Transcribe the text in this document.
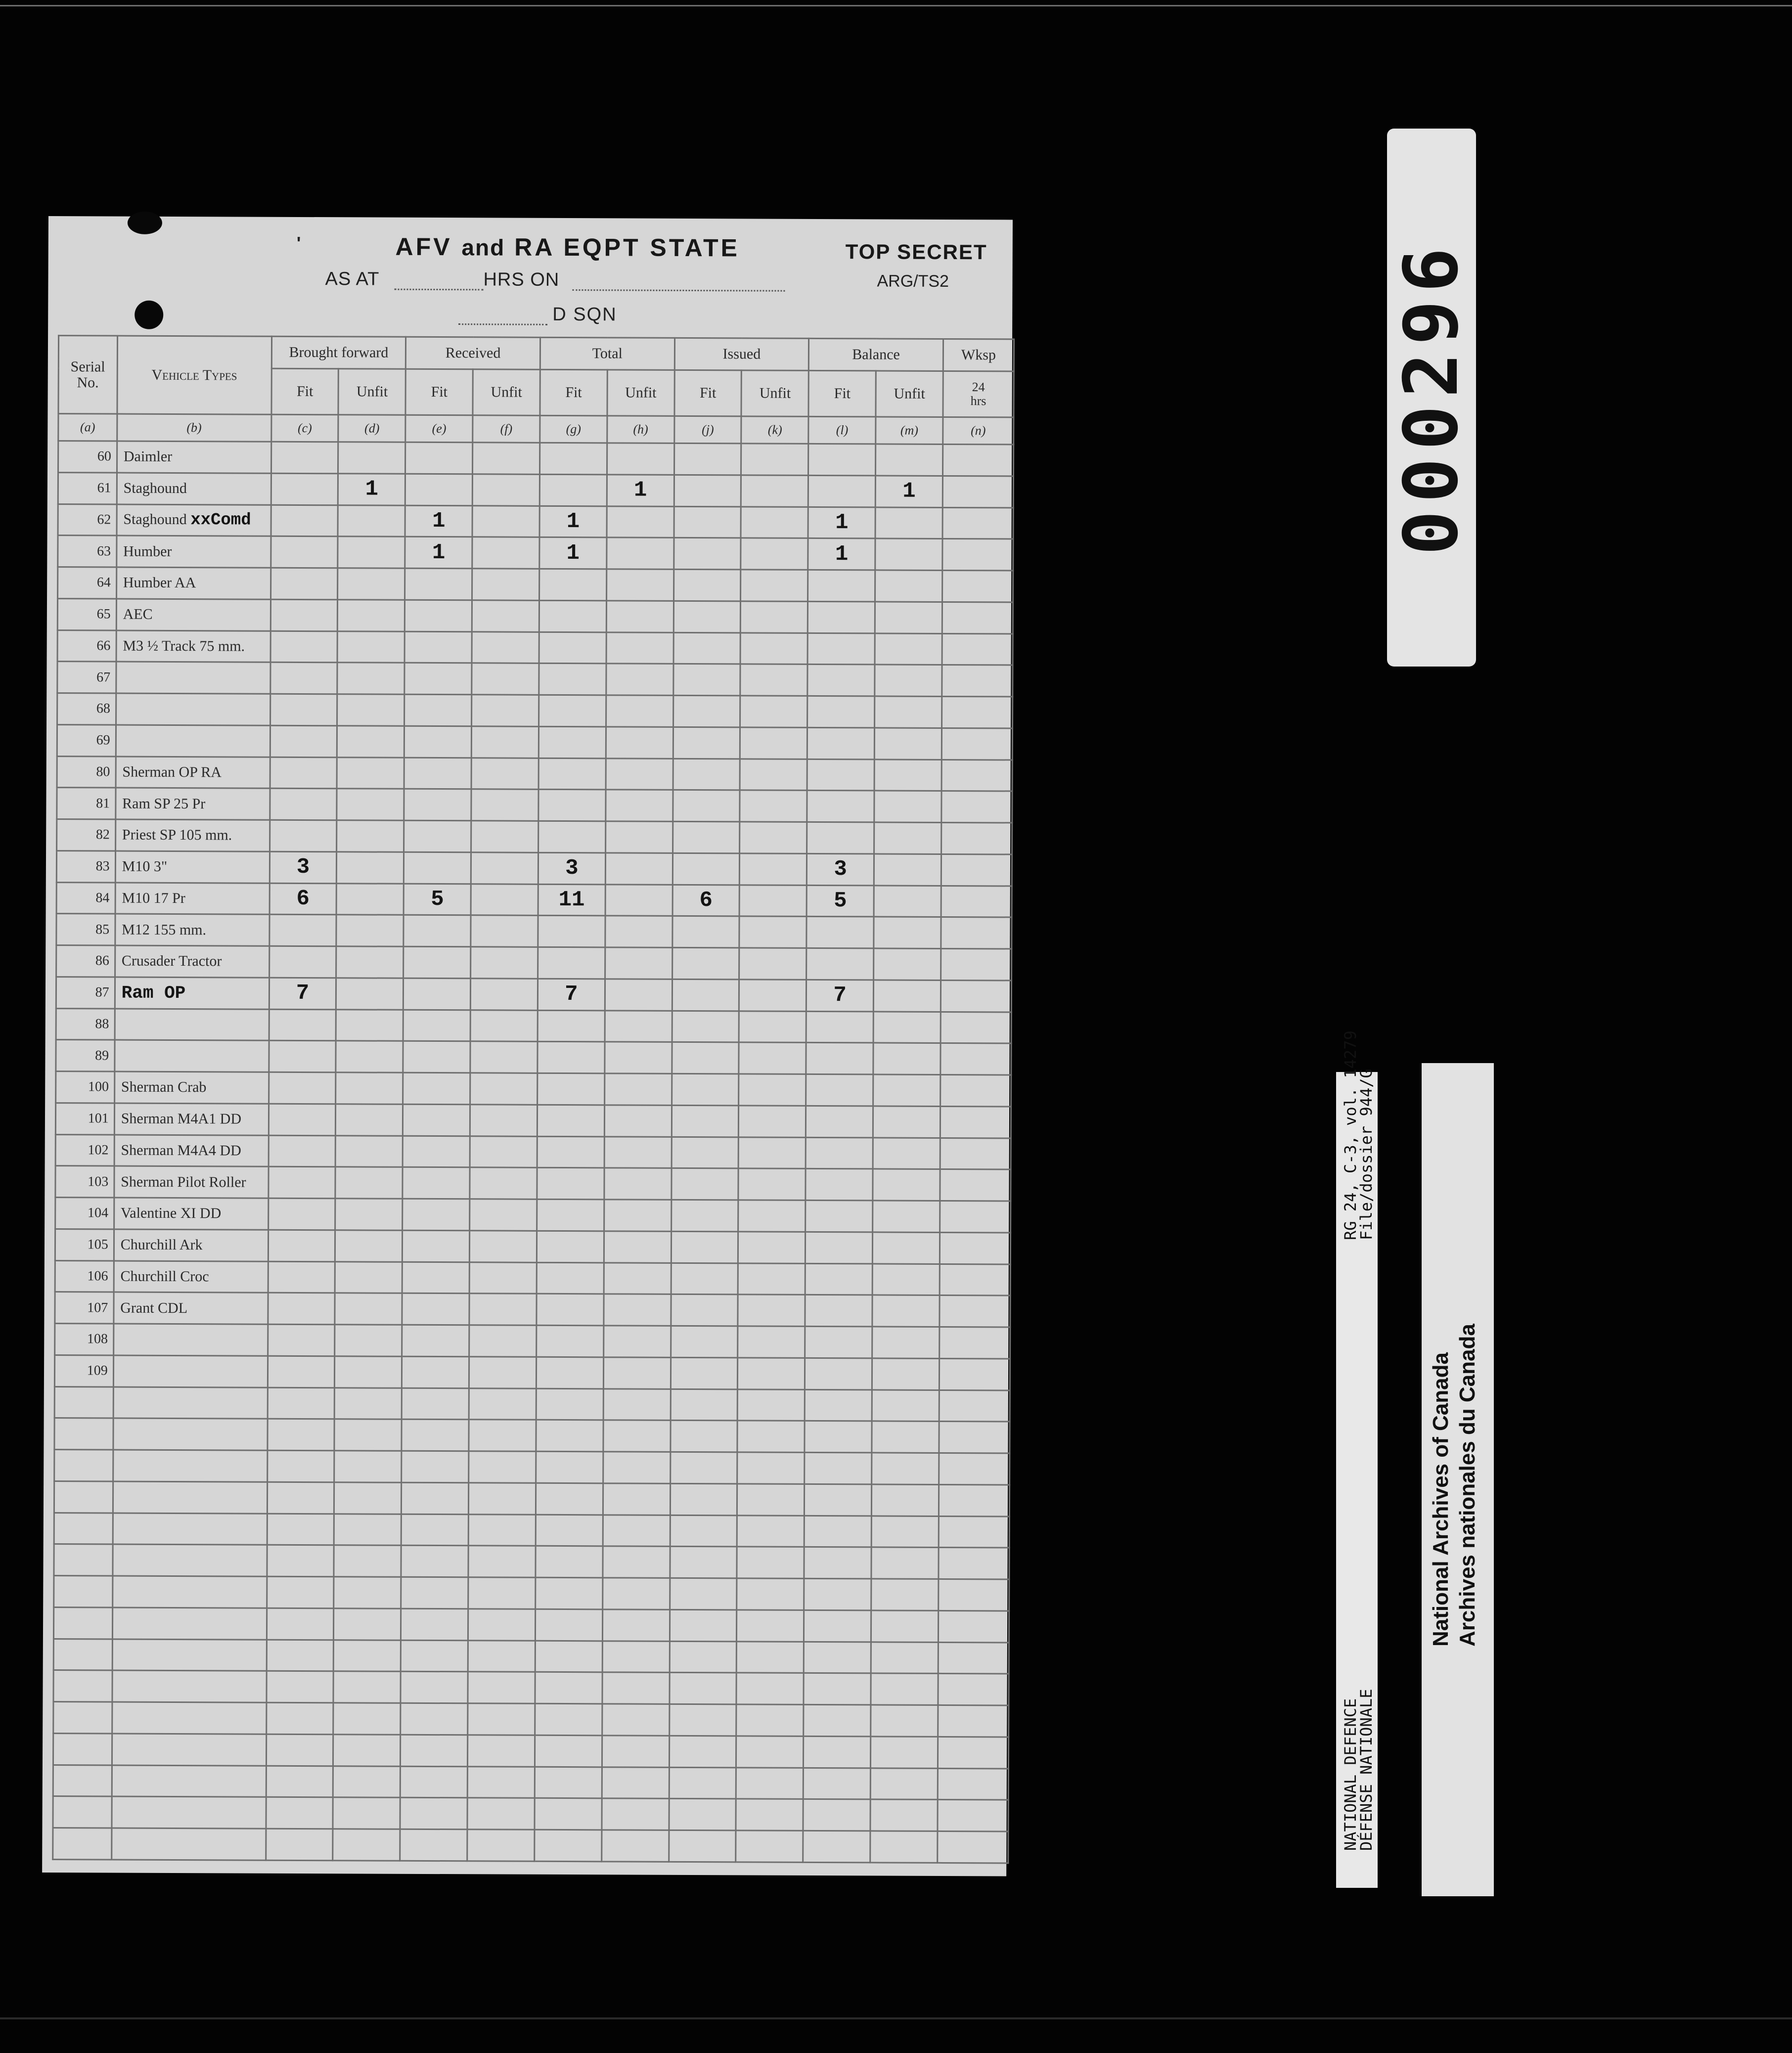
'	AFV and RA EQPT STATE	TOP SECRET
ARG/TS2
AS AT	HRS ON
D SQN
Serial No.	Vehicle Types	Brought forward		Received		Total		Issued		Balance		Wksp
		Fit	Unfit	Fit	Unfit	Fit	Unfit	Fit	Unfit	Fit	Unfit	24 hrs
(a)	(b)	(c)	(d)	(e)	(f)	(g)	(h)	(j)	(k)	(l)	(m)	(n)
60	Daimler											
61	Staghound		1				1				1	
62	Staghound xxComd			1		1				1		
63	Humber			1		1				1		
64	Humber AA											
65	AEC											
66	M3 ½ Track 75 mm.											
67												
68												
69												
80	Sherman OP RA											
81	Ram SP 25 Pr											
82	Priest SP 105 mm.											
83	M10 3"	3				3				3		
84	M10 17 Pr	6		5		11		6		5		
85	M12 155 mm.											
86	Crusader Tractor											
87	Ram OP	7				7				7		
88												
89												
100	Sherman Crab											
101	Sherman M4A1 DD											
102	Sherman M4A4 DD											
103	Sherman Pilot Roller											
104	Valentine XI DD											
105	Churchill Ark											
106	Churchill Croc											
107	Grant CDL											
108												
109												

000296
RG 24, C-3, vol. 14279
File/dossier 944/G
NATIONAL DEFENCE
DÉFENSE NATIONALE
National Archives of Canada Archives nationales du Canada
